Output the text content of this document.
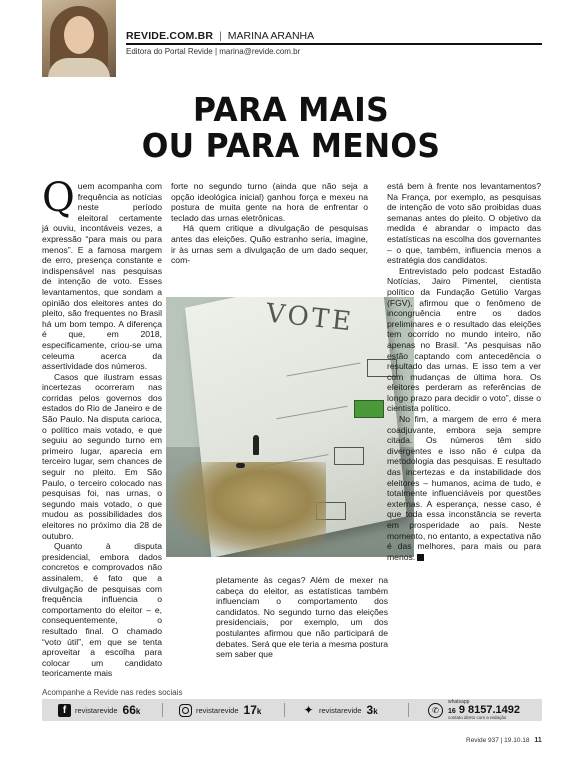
REVIDE.COM.BR | MARINA ARANHA
Editora do Portal Revide | marina@revide.com.br
PARA MAIS
OU PARA MENOS

Quem acompanha com frequência as notícias neste período eleitoral certamente já ouviu, incontáveis vezes, a expressão “para mais ou para menos”. E a famosa margem de erro, presença constante e indispensável nas pesquisas de intenção de voto. Esses levantamentos, que sondam a opinião dos eleitores antes do pleito, são frequentes no Brasil há um bom tempo. A diferença é que, em 2018, especificamente, criou-se uma celeuma acerca da assertividade dos números.

Casos que ilustram essas incertezas ocorreram nas corridas pelos governos dos estados do Rio de Janeiro e de São Paulo. Na disputa carioca, o político mais votado, e que seguiu ao segundo turno em primeiro lugar, aparecia em terceiro lugar, sem chances de seguir no pleito. Em São Paulo, o terceiro colocado nas pesquisas foi, nas urnas, o segundo mais votado, o que mudou as possibilidades dos eleitores no próximo dia 28 de outubro.

Quanto à disputa presidencial, embora dados concretos e comprovados não assinalem, é fato que a divulgação de pesquisas com frequência influencia o comportamento do eleitor – e, consequentemente, o resultado final. O chamado “voto útil”, em que se tenta aproveitar a escolha para colocar um candidato teoricamente mais

forte no segundo turno (ainda que não seja a opção ideológica inicial) ganhou força e mexeu na postura de muita gente na hora de enfrentar o teclado das urnas eletrônicas.

Há quem critique a divulgação de pesquisas antes das eleições. Quão estranho seria, imagine, ir às urnas sem a divulgação de um dado sequer, com-

VOTE

pletamente às cegas? Além de mexer na cabeça do eleitor, as estatísticas também influenciam o comportamento dos candidatos. No segundo turno das eleições presidenciais, por exemplo, um dos postulantes afirmou que não participará de debates. Será que ele teria a mesma postura sem saber que

está bem à frente nos levantamentos? Na França, por exemplo, as pesquisas de intenção de voto são proibidas duas semanas antes do pleito. O objetivo da medida é abrandar o impacto das estatísticas na escolha dos governantes – o que, também, influencia menos a estratégia dos candidatos.

Entrevistado pelo podcast Estadão Notícias, Jairo Pimentel, cientista político da Fundação Getúlio Vargas (FGV), afirmou que o fenômeno de incongruência entre os dados preliminares e o resultado das eleições tem ocorrido no mundo inteiro, não apenas no Brasil. “As pesquisas não estão captando com antecedência o resultado das urnas. E isso tem a ver com mudanças de última hora. Os eleitores perderam as referências de longo prazo para decidir o voto”, disse o cientista político.

No fim, a margem de erro é mera coadjuvante, embora seja sempre citada. Os números têm sido divergentes e isso não é culpa da metodologia das pesquisas. E resultado das incertezas e da instabilidade dos eleitores – humanos, acima de tudo, e totalmente influenciáveis por questões externas. A esperança, nesse caso, é que toda essa inconstância se reverta em prosperidade ao país. Neste momento, no entanto, a expectativa não é das melhores, para mais ou para menos.

Acompanhe a Revide nas redes sociais
f	revistarevide 66k	revistarevide 17k	✦ revistarevide 3k	✆
whatsapp
16 9 8157.1492
contato direto com a redação
Revide 937 | 19.10.18 11
